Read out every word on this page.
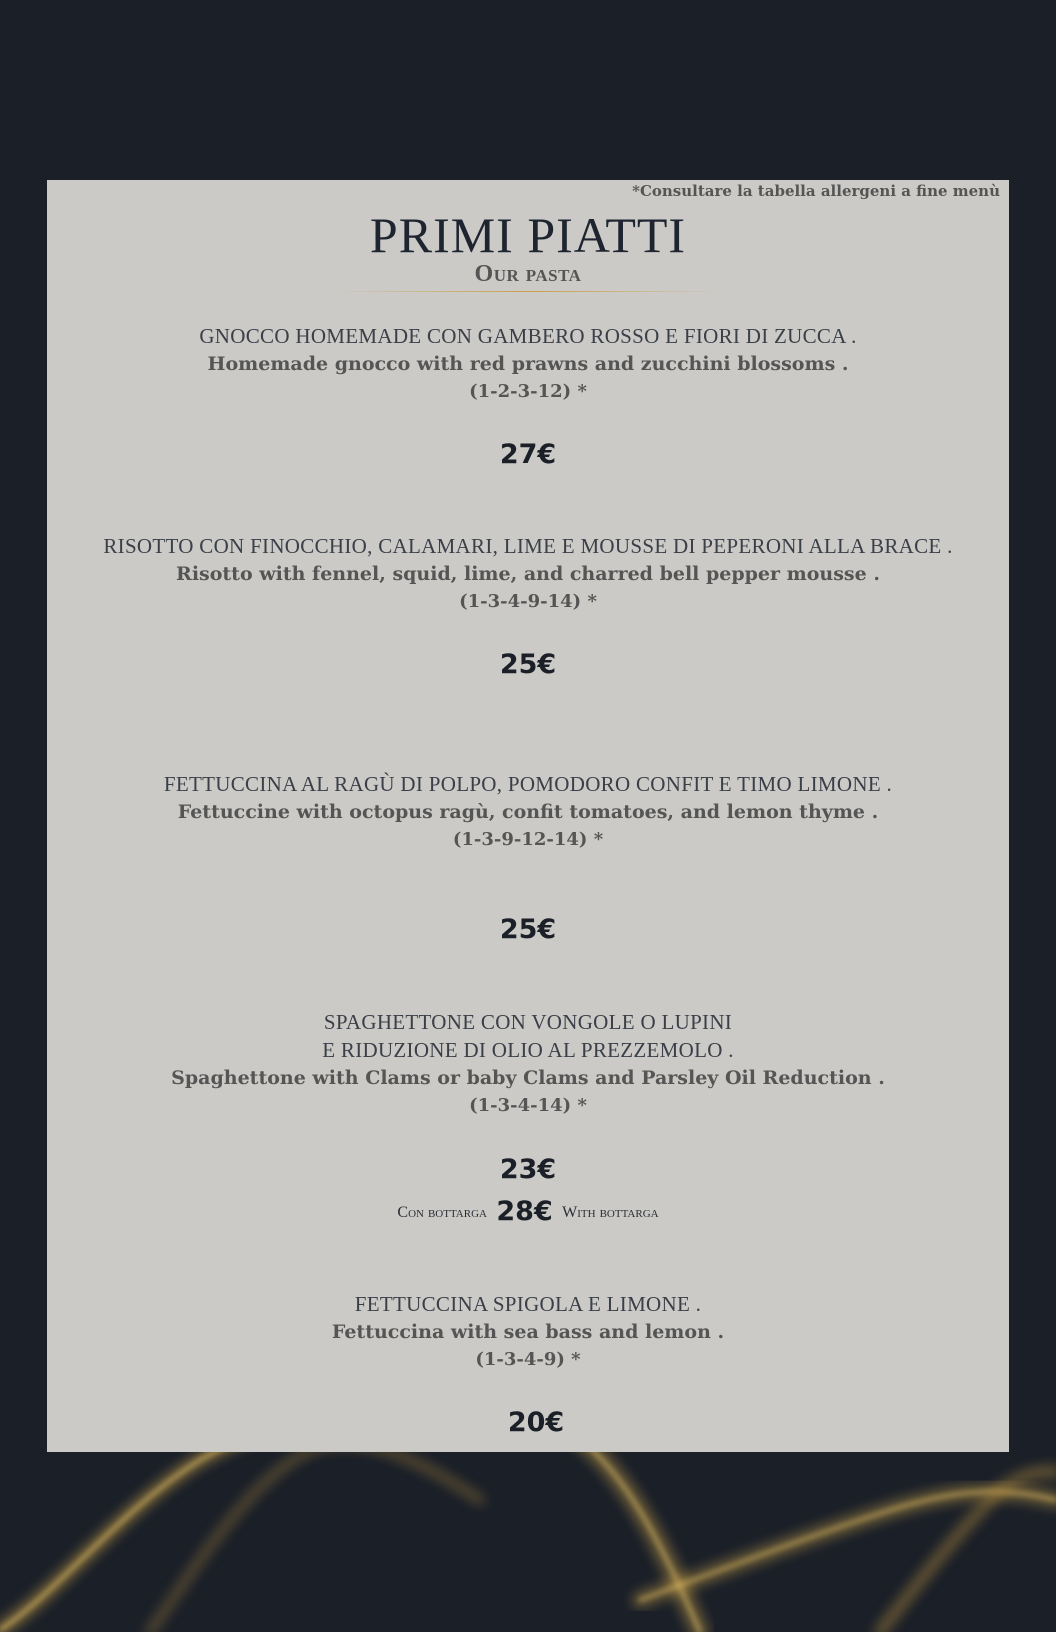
*Consultare la tabella allergeni a fine menù
PRIMI PIATTI
Our pasta
GNOCCO HOMEMADE CON GAMBERO ROSSO E FIORI DI ZUCCA .
Homemade gnocco with red prawns and zucchini blossoms .
(1-2-3-12) *
27€
RISOTTO CON FINOCCHIO, CALAMARI, LIME E MOUSSE DI PEPERONI ALLA BRACE .
Risotto with fennel, squid, lime, and charred bell pepper mousse .
(1-3-4-9-14) *
25€
FETTUCCINA AL RAGÙ DI POLPO, POMODORO CONFIT E TIMO LIMONE .
Fettuccine with octopus ragù, confit tomatoes, and lemon thyme .
(1-3-9-12-14) *
25€
SPAGHETTONE CON VONGOLE O LUPINI
E RIDUZIONE DI OLIO AL PREZZEMOLO .
Spaghettone with Clams or baby Clams and Parsley Oil Reduction .
(1-3-4-14) *
23€
Con bottarga 28€ With bottarga
FETTUCCINA SPIGOLA E LIMONE .
Fettuccina with sea bass and lemon .
(1-3-4-9) *
20€
